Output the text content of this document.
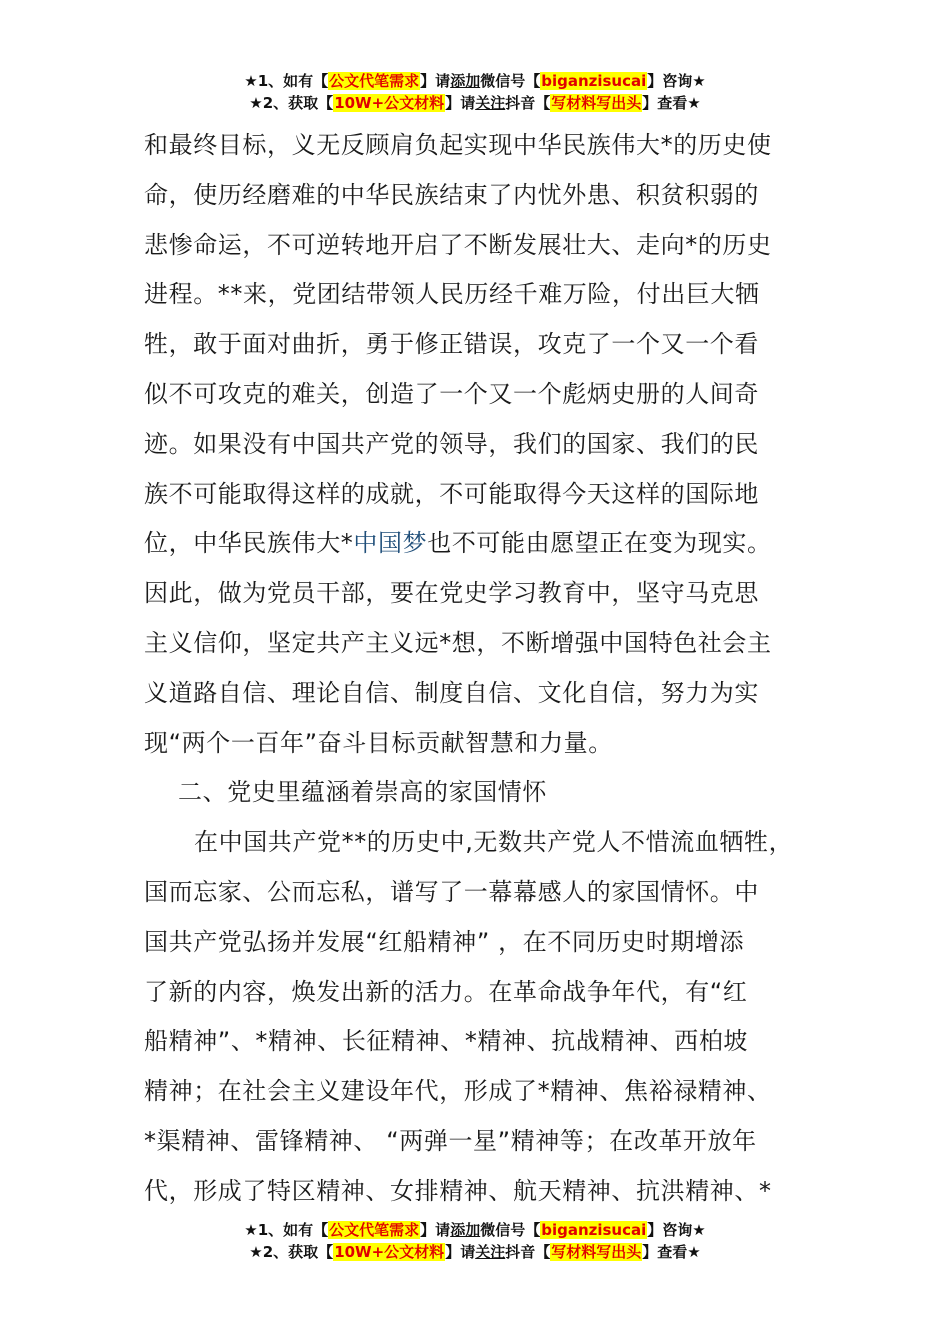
★1、如有【公文代笔需求】请添加微信号【biganzisucai】咨询★
★2、获取【10W+公文材料】请关注抖音【写材料写出头】查看★
和最终目标，义无反顾肩负起实现中华民族伟大*的历史使
命，使历经磨难的中华民族结束了内忧外患、积贫积弱的
悲惨命运，不可逆转地开启了不断发展壮大、走向*的历史
进程。**来，党团结带领人民历经千难万险，付出巨大牺
牲，敢于面对曲折，勇于修正错误，攻克了一个又一个看
似不可攻克的难关，创造了一个又一个彪炳史册的人间奇
迹。如果没有中国共产党的领导，我们的国家、我们的民
族不可能取得这样的成就，不可能取得今天这样的国际地
位，中华民族伟大*中国梦也不可能由愿望正在变为现实。
因此，做为党员干部，要在党史学习教育中，坚守马克思
主义信仰，坚定共产主义远*想，不断增强中国特色社会主
义道路自信、理论自信、制度自信、文化自信，努力为实
现“两个一百年”奋斗目标贡献智慧和力量。
二、党史里蕴涵着崇高的家国情怀
在中国共产党**的历史中,无数共产党人不惜流血牺牲，
国而忘家、公而忘私，谱写了一幕幕感人的家国情怀。中
国共产党弘扬并发展“红船精神” ，在不同历史时期增添
了新的内容，焕发出新的活力。在革命战争年代，有“红
船精神”、*精神、长征精神、*精神、抗战精神、西柏坡
精神；在社会主义建设年代，形成了*精神、焦裕禄精神、
*渠精神、雷锋精神、 “两弹一星”精神等；在改革开放年
代，形成了特区精神、女排精神、航天精神、抗洪精神、*
★1、如有【公文代笔需求】请添加微信号【biganzisucai】咨询★
★2、获取【10W+公文材料】请关注抖音【写材料写出头】查看★
